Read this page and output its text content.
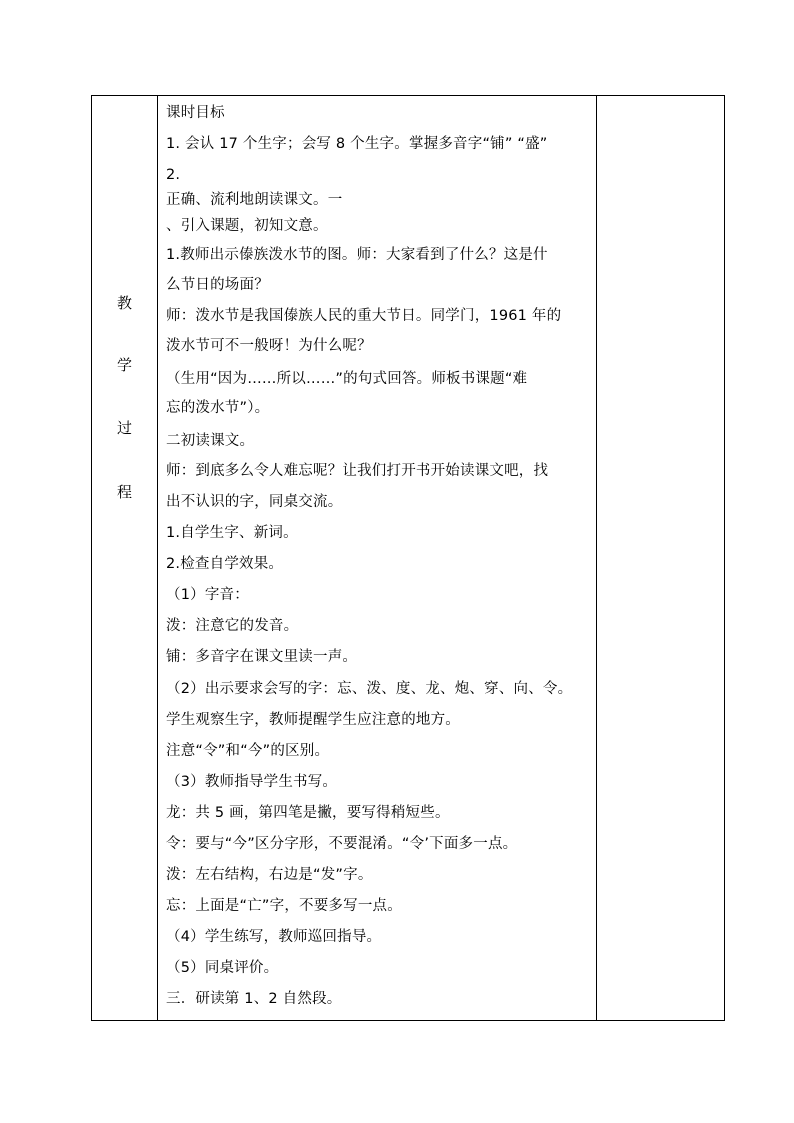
教
学
过
程
课时目标
1. 会认 17 个生字；会写 8 个生字。掌握多音字“铺” “盛”
2.
正确、流利地朗读课文。一
、引入课题，初知文意。
1.教师出示傣族泼水节的图。师：大家看到了什么？这是什
么节日的场面？
师：泼水节是我国傣族人民的重大节日。同学门，1961 年的
泼水节可不一般呀！为什么呢？
（生用“因为……所以……”的句式回答。师板书课题“难
忘的泼水节”）。
二初读课文。
师：到底多么令人难忘呢？让我们打开书开始读课文吧，找
出不认识的字，同桌交流。
1.自学生字、新词。
2.检查自学效果。
（1）字音：
泼：注意它的发音。
铺：多音字在课文里读一声。
（2）出示要求会写的字：忘、泼、度、龙、炮、穿、向、令。
学生观察生字，教师提醒学生应注意的地方。
注意“令”和“今”的区别。
（3）教师指导学生书写。
龙：共 5 画，第四笔是撇，要写得稍短些。
令：要与“今”区分字形，不要混淆。“令’下面多一点。
泼：左右结构，右边是“发”字。
忘：上面是“亡”字，不要多写一点。
（4）学生练写，教师巡回指导。
（5）同桌评价。
三．研读第 1、2 自然段。
